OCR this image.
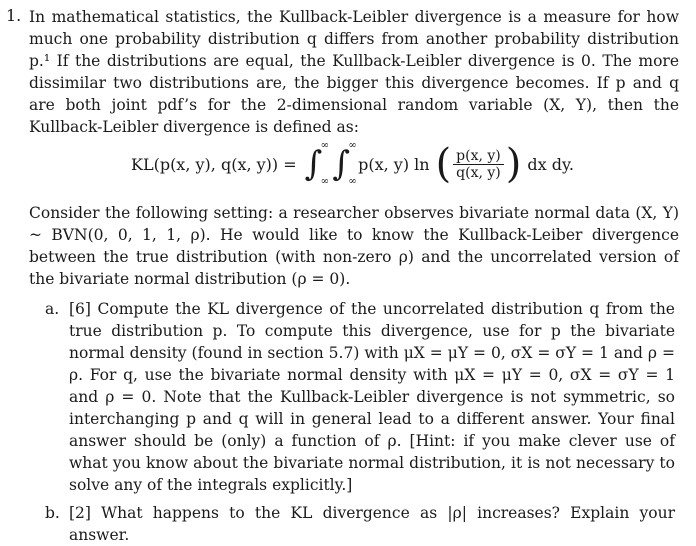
1. In mathematical statistics, the Kullback-Leibler divergence is a measure for how much one probability distribution q differs from another probability distribution p.¹ If the distributions are equal, the Kullback-Leibler divergence is 0. The more dissimilar two distributions are, the bigger this divergence becomes. If p and q are both joint pdf’s for the 2-dimensional random variable (X, Y), then the Kullback-Leibler divergence is defined as:

KL(p(x, y), q(x, y)) = ∫
∞
∞ ∫
∞
∞
p(x, y) ln ( $\frac{p(x, y)}{q(x, y)}$ ) dx dy.

Consider the following setting: a researcher observes bivariate normal data (X, Y) ~ BVN(0, 0, 1, 1, ρ). He would like to know the Kullback-Leiber divergence between the true distribution (with non-zero ρ) and the uncorrelated version of the bivariate normal distribution (ρ = 0).

a. [6] Compute the KL divergence of the uncorrelated distribution q from the true distribution p. To compute this divergence, use for p the bivariate normal density (found in section 5.7) with μX = μY = 0, σX = σY = 1 and ρ = ρ. For q, use the bivariate normal density with μX = μY = 0, σX = σY = 1 and ρ = 0. Note that the Kullback-Leibler divergence is not symmetric, so interchanging p and q will in general lead to a different answer. Your final answer should be (only) a function of ρ. [Hint: if you make clever use of what you know about the bivariate normal distribution, it is not necessary to solve any of the integrals explicitly.]

b. [2] What happens to the KL divergence as |ρ| increases? Explain your answer.
